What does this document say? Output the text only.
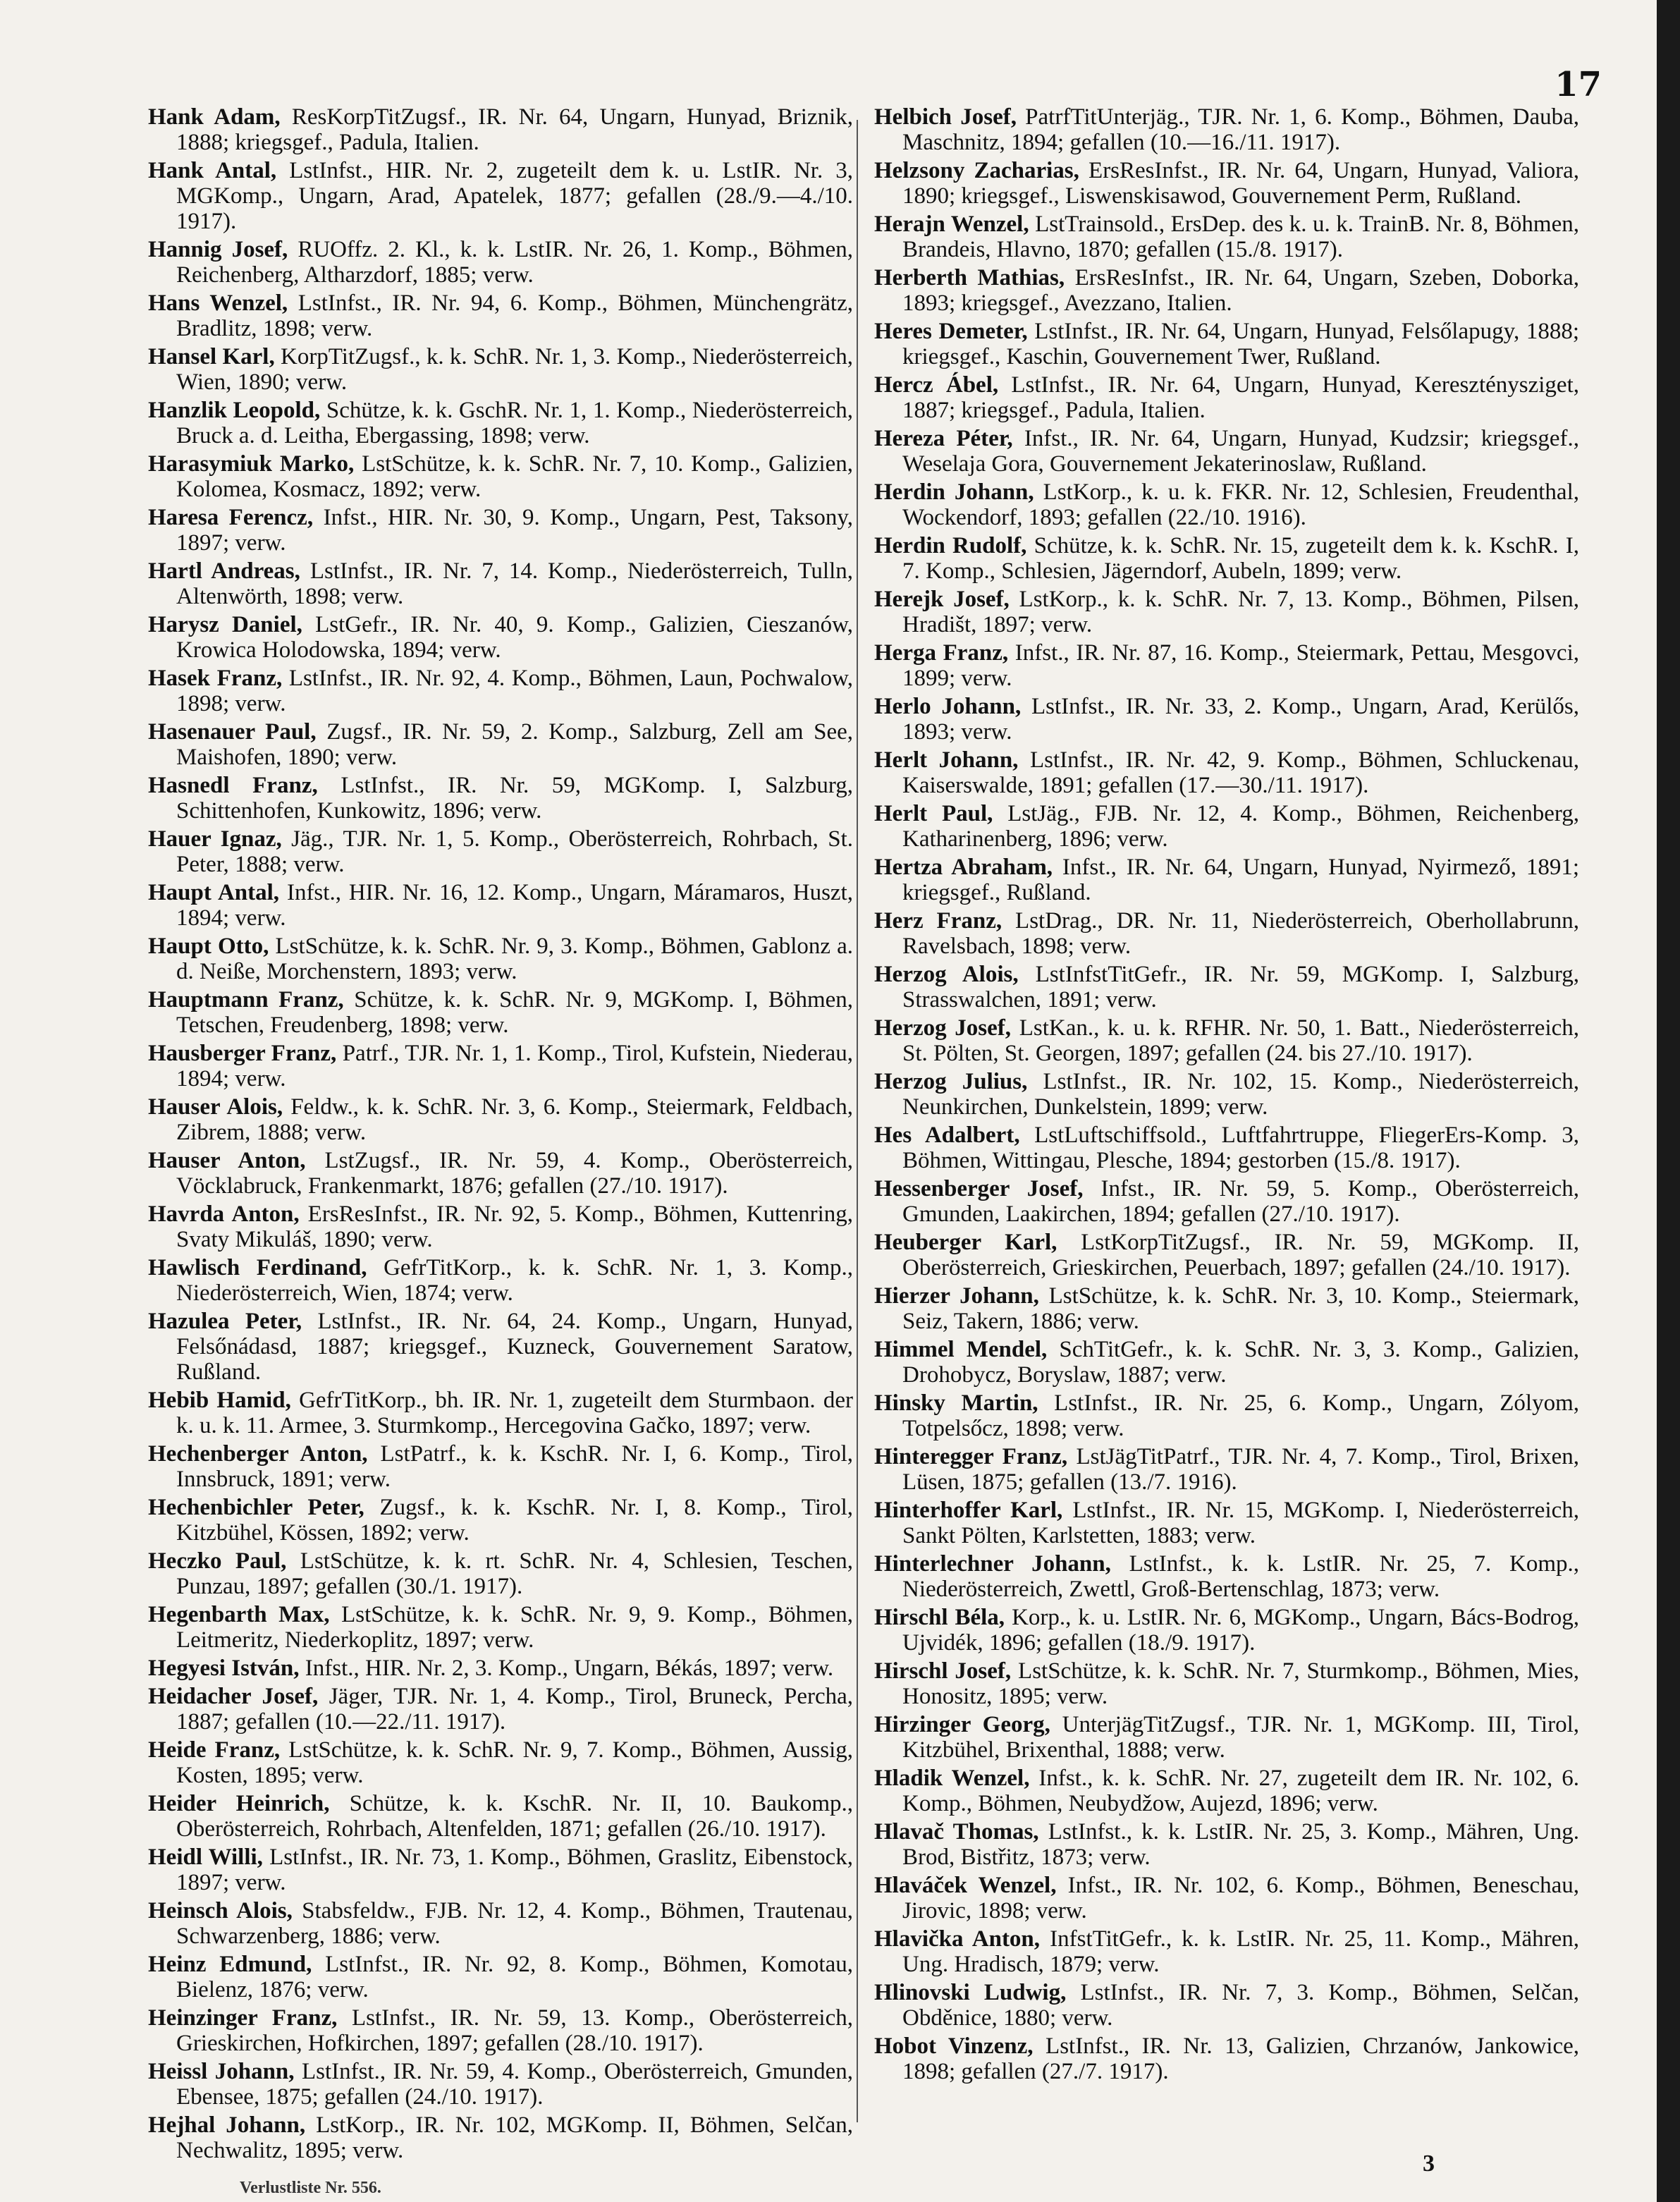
17
Hank Adam, ResKorpTitZugsf., IR. Nr. 64, Ungarn, Hunyad, Briznik, 1888; kriegsgef., Padula, Italien.
Hank Antal, LstInfst., HIR. Nr. 2, zugeteilt dem k. u. LstIR. Nr. 3, MGKomp., Ungarn, Arad, Apatelek, 1877; gefallen (28./9.—4./10. 1917).
Hannig Josef, RUOffz. 2. Kl., k. k. LstIR. Nr. 26, 1. Komp., Böhmen, Reichenberg, Altharzdorf, 1885; verw.
Hans Wenzel, LstInfst., IR. Nr. 94, 6. Komp., Böhmen, Münchengrätz, Bradlitz, 1898; verw.
Hansel Karl, KorpTitZugsf., k. k. SchR. Nr. 1, 3. Komp., Niederösterreich, Wien, 1890; verw.
Hanzlik Leopold, Schütze, k. k. GschR. Nr. 1, 1. Komp., Niederösterreich, Bruck a. d. Leitha, Ebergassing, 1898; verw.
Harasymiuk Marko, LstSchütze, k. k. SchR. Nr. 7, 10. Komp., Galizien, Kolomea, Kosmacz, 1892; verw.
Haresa Ferencz, Infst., HIR. Nr. 30, 9. Komp., Ungarn, Pest, Taksony, 1897; verw.
Hartl Andreas, LstInfst., IR. Nr. 7, 14. Komp., Niederösterreich, Tulln, Altenwörth, 1898; verw.
Harysz Daniel, LstGefr., IR. Nr. 40, 9. Komp., Galizien, Cieszanów, Krowica Holodowska, 1894; verw.
Hasek Franz, LstInfst., IR. Nr. 92, 4. Komp., Böhmen, Laun, Pochwalow, 1898; verw.
Hasenauer Paul, Zugsf., IR. Nr. 59, 2. Komp., Salzburg, Zell am See, Maishofen, 1890; verw.
Hasnedl Franz, LstInfst., IR. Nr. 59, MGKomp. I, Salzburg, Schittenhofen, Kunkowitz, 1896; verw.
Hauer Ignaz, Jäg., TJR. Nr. 1, 5. Komp., Oberösterreich, Rohrbach, St. Peter, 1888; verw.
Haupt Antal, Infst., HIR. Nr. 16, 12. Komp., Ungarn, Máramaros, Huszt, 1894; verw.
Haupt Otto, LstSchütze, k. k. SchR. Nr. 9, 3. Komp., Böhmen, Gablonz a. d. Neiße, Morchenstern, 1893; verw.
Hauptmann Franz, Schütze, k. k. SchR. Nr. 9, MGKomp. I, Böhmen, Tetschen, Freudenberg, 1898; verw.
Hausberger Franz, Patrf., TJR. Nr. 1, 1. Komp., Tirol, Kufstein, Niederau, 1894; verw.
Hauser Alois, Feldw., k. k. SchR. Nr. 3, 6. Komp., Steiermark, Feldbach, Zibrem, 1888; verw.
Hauser Anton, LstZugsf., IR. Nr. 59, 4. Komp., Oberösterreich, Vöcklabruck, Frankenmarkt, 1876; gefallen (27./10. 1917).
Havrda Anton, ErsResInfst., IR. Nr. 92, 5. Komp., Böhmen, Kuttenring, Svaty Mikuláš, 1890; verw.
Hawlisch Ferdinand, GefrTitKorp., k. k. SchR. Nr. 1, 3. Komp., Niederösterreich, Wien, 1874; verw.
Hazulea Peter, LstInfst., IR. Nr. 64, 24. Komp., Ungarn, Hunyad, Felsőnádasd, 1887; kriegsgef., Kuzneck, Gouvernement Saratow, Rußland.
Hebib Hamid, GefrTitKorp., bh. IR. Nr. 1, zugeteilt dem Sturmbaon. der k. u. k. 11. Armee, 3. Sturmkomp., Hercegovina Gačko, 1897; verw.
Hechenberger Anton, LstPatrf., k. k. KschR. Nr. I, 6. Komp., Tirol, Innsbruck, 1891; verw.
Hechenbichler Peter, Zugsf., k. k. KschR. Nr. I, 8. Komp., Tirol, Kitzbühel, Kössen, 1892; verw.
Heczko Paul, LstSchütze, k. k. rt. SchR. Nr. 4, Schlesien, Teschen, Punzau, 1897; gefallen (30./1. 1917).
Hegenbarth Max, LstSchütze, k. k. SchR. Nr. 9, 9. Komp., Böhmen, Leitmeritz, Niederkoplitz, 1897; verw.
Hegyesi István, Infst., HIR. Nr. 2, 3. Komp., Ungarn, Békás, 1897; verw.
Heidacher Josef, Jäger, TJR. Nr. 1, 4. Komp., Tirol, Bruneck, Percha, 1887; gefallen (10.—22./11. 1917).
Heide Franz, LstSchütze, k. k. SchR. Nr. 9, 7. Komp., Böhmen, Aussig, Kosten, 1895; verw.
Heider Heinrich, Schütze, k. k. KschR. Nr. II, 10. Baukomp., Oberösterreich, Rohrbach, Altenfelden, 1871; gefallen (26./10. 1917).
Heidl Willi, LstInfst., IR. Nr. 73, 1. Komp., Böhmen, Graslitz, Eibenstock, 1897; verw.
Heinsch Alois, Stabsfeldw., FJB. Nr. 12, 4. Komp., Böhmen, Trautenau, Schwarzenberg, 1886; verw.
Heinz Edmund, LstInfst., IR. Nr. 92, 8. Komp., Böhmen, Komotau, Bielenz, 1876; verw.
Heinzinger Franz, LstInfst., IR. Nr. 59, 13. Komp., Oberösterreich, Grieskirchen, Hofkirchen, 1897; gefallen (28./10. 1917).
Heissl Johann, LstInfst., IR. Nr. 59, 4. Komp., Oberösterreich, Gmunden, Ebensee, 1875; gefallen (24./10. 1917).
Hejhal Johann, LstKorp., IR. Nr. 102, MGKomp. II, Böhmen, Selčan, Nechwalitz, 1895; verw.
Helbich Josef, PatrfTitUnterjäg., TJR. Nr. 1, 6. Komp., Böhmen, Dauba, Maschnitz, 1894; gefallen (10.—16./11. 1917).
Helzsony Zacharias, ErsResInfst., IR. Nr. 64, Ungarn, Hunyad, Valiora, 1890; kriegsgef., Liswenskisawod, Gouvernement Perm, Rußland.
Herajn Wenzel, LstTrainsold., ErsDep. des k. u. k. TrainB. Nr. 8, Böhmen, Brandeis, Hlavno, 1870; gefallen (15./8. 1917).
Herberth Mathias, ErsResInfst., IR. Nr. 64, Ungarn, Szeben, Doborka, 1893; kriegsgef., Avezzano, Italien.
Heres Demeter, LstInfst., IR. Nr. 64, Ungarn, Hunyad, Felsőlapugy, 1888; kriegsgef., Kaschin, Gouvernement Twer, Rußland.
Hercz Ábel, LstInfst., IR. Nr. 64, Ungarn, Hunyad, Kereszténysziget, 1887; kriegsgef., Padula, Italien.
Hereza Péter, Infst., IR. Nr. 64, Ungarn, Hunyad, Kudzsir; kriegsgef., Weselaja Gora, Gouvernement Jekaterinoslaw, Rußland.
Herdin Johann, LstKorp., k. u. k. FKR. Nr. 12, Schlesien, Freudenthal, Wockendorf, 1893; gefallen (22./10. 1916).
Herdin Rudolf, Schütze, k. k. SchR. Nr. 15, zugeteilt dem k. k. KschR. I, 7. Komp., Schlesien, Jägerndorf, Aubeln, 1899; verw.
Herejk Josef, LstKorp., k. k. SchR. Nr. 7, 13. Komp., Böhmen, Pilsen, Hradišt, 1897; verw.
Herga Franz, Infst., IR. Nr. 87, 16. Komp., Steiermark, Pettau, Mesgovci, 1899; verw.
Herlo Johann, LstInfst., IR. Nr. 33, 2. Komp., Ungarn, Arad, Kerülős, 1893; verw.
Herlt Johann, LstInfst., IR. Nr. 42, 9. Komp., Böhmen, Schluckenau, Kaiserswalde, 1891; gefallen (17.—30./11. 1917).
Herlt Paul, LstJäg., FJB. Nr. 12, 4. Komp., Böhmen, Reichenberg, Katharinenberg, 1896; verw.
Hertza Abraham, Infst., IR. Nr. 64, Ungarn, Hunyad, Nyirmező, 1891; kriegsgef., Rußland.
Herz Franz, LstDrag., DR. Nr. 11, Niederösterreich, Oberhollabrunn, Ravelsbach, 1898; verw.
Herzog Alois, LstInfstTitGefr., IR. Nr. 59, MGKomp. I, Salzburg, Strasswalchen, 1891; verw.
Herzog Josef, LstKan., k. u. k. RFHR. Nr. 50, 1. Batt., Niederösterreich, St. Pölten, St. Georgen, 1897; gefallen (24. bis 27./10. 1917).
Herzog Julius, LstInfst., IR. Nr. 102, 15. Komp., Niederösterreich, Neunkirchen, Dunkelstein, 1899; verw.
Hes Adalbert, LstLuftschiffsold., Luftfahrtruppe, FliegerErs-Komp. 3, Böhmen, Wittingau, Plesche, 1894; gestorben (15./8. 1917).
Hessenberger Josef, Infst., IR. Nr. 59, 5. Komp., Oberösterreich, Gmunden, Laakirchen, 1894; gefallen (27./10. 1917).
Heuberger Karl, LstKorpTitZugsf., IR. Nr. 59, MGKomp. II, Oberösterreich, Grieskirchen, Peuerbach, 1897; gefallen (24./10. 1917).
Hierzer Johann, LstSchütze, k. k. SchR. Nr. 3, 10. Komp., Steiermark, Seiz, Takern, 1886; verw.
Himmel Mendel, SchTitGefr., k. k. SchR. Nr. 3, 3. Komp., Galizien, Drohobycz, Boryslaw, 1887; verw.
Hinsky Martin, LstInfst., IR. Nr. 25, 6. Komp., Ungarn, Zólyom, Totpelsőcz, 1898; verw.
Hinteregger Franz, LstJägTitPatrf., TJR. Nr. 4, 7. Komp., Tirol, Brixen, Lüsen, 1875; gefallen (13./7. 1916).
Hinterhoffer Karl, LstInfst., IR. Nr. 15, MGKomp. I, Niederösterreich, Sankt Pölten, Karlstetten, 1883; verw.
Hinterlechner Johann, LstInfst., k. k. LstIR. Nr. 25, 7. Komp., Niederösterreich, Zwettl, Groß-Bertenschlag, 1873; verw.
Hirschl Béla, Korp., k. u. LstIR. Nr. 6, MGKomp., Ungarn, Bács-Bodrog, Ujvidék, 1896; gefallen (18./9. 1917).
Hirschl Josef, LstSchütze, k. k. SchR. Nr. 7, Sturmkomp., Böhmen, Mies, Honositz, 1895; verw.
Hirzinger Georg, UnterjägTitZugsf., TJR. Nr. 1, MGKomp. III, Tirol, Kitzbühel, Brixenthal, 1888; verw.
Hladik Wenzel, Infst., k. k. SchR. Nr. 27, zugeteilt dem IR. Nr. 102, 6. Komp., Böhmen, Neubydžow, Aujezd, 1896; verw.
Hlavač Thomas, LstInfst., k. k. LstIR. Nr. 25, 3. Komp., Mähren, Ung. Brod, Bistřitz, 1873; verw.
Hlaváček Wenzel, Infst., IR. Nr. 102, 6. Komp., Böhmen, Beneschau, Jirovic, 1898; verw.
Hlavička Anton, InfstTitGefr., k. k. LstIR. Nr. 25, 11. Komp., Mähren, Ung. Hradisch, 1879; verw.
Hlinovski Ludwig, LstInfst., IR. Nr. 7, 3. Komp., Böhmen, Selčan, Obděnice, 1880; verw.
Hobot Vinzenz, LstInfst., IR. Nr. 13, Galizien, Chrzanów, Jankowice, 1898; gefallen (27./7. 1917).
Verlustliste Nr. 556.
3
